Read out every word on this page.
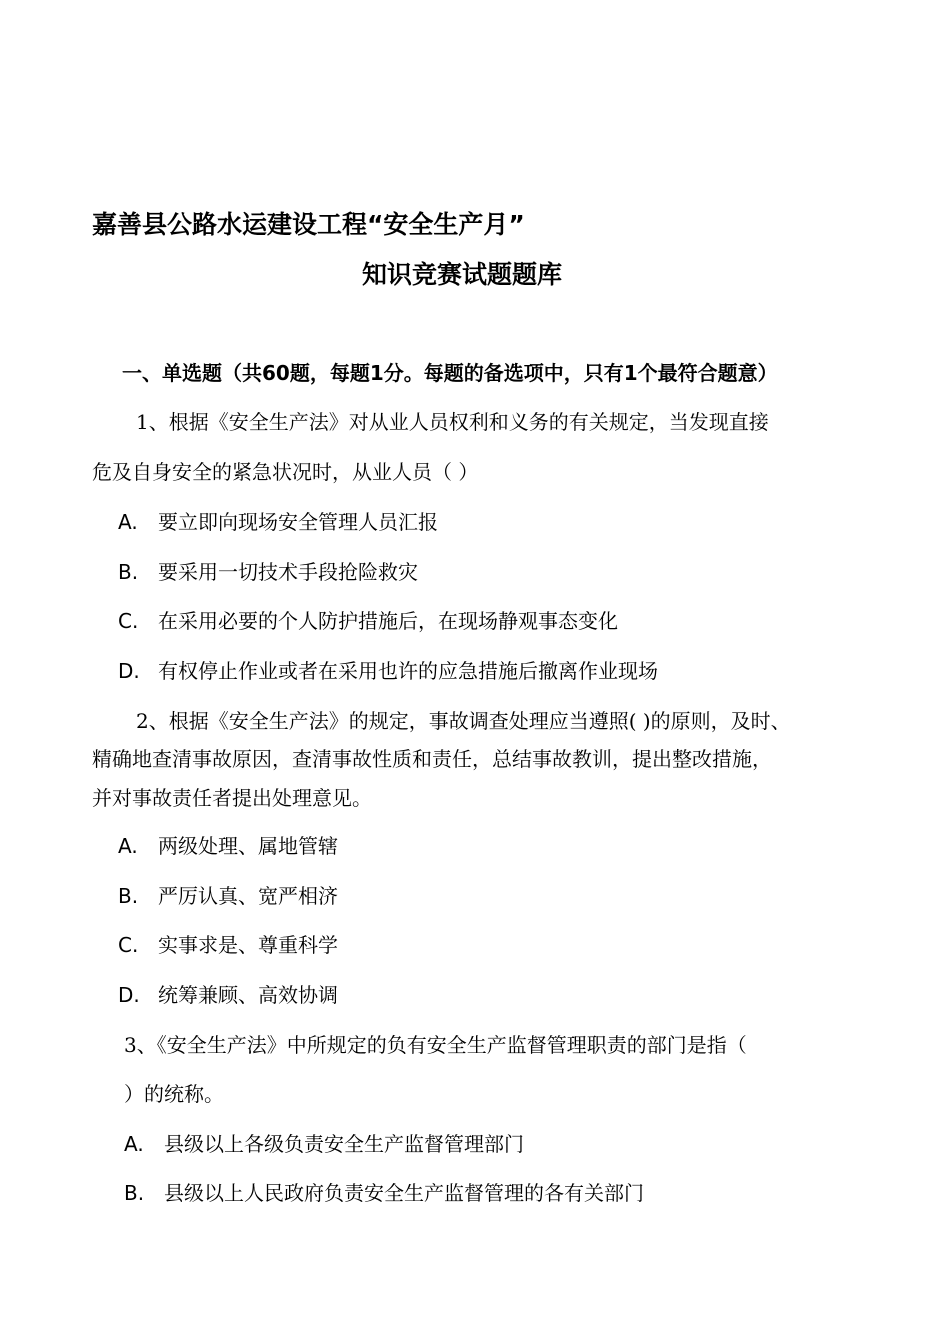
嘉善县公路水运建设工程“安全生产月”
知识竞赛试题题库
一、单选题（共60题，每题1分。每题的备选项中，只有1个最符合题意）
1、根据《安全生产法》对从业人员权利和义务的有关规定，当发现直接
危及自身安全的紧急状况时，从业人员（ ）
A. 要立即向现场安全管理人员汇报
B. 要采用一切技术手段抢险救灾
C. 在采用必要的个人防护措施后，在现场静观事态变化
D. 有权停止作业或者在采用也许的应急措施后撤离作业现场
2、根据《安全生产法》的规定，事故调查处理应当遵照( )的原则，及时、
精确地查清事故原因，查清事故性质和责任，总结事故教训，提出整改措施，
并对事故责任者提出处理意见。
A. 两级处理、属地管辖
B. 严厉认真、宽严相济
C. 实事求是、尊重科学
D. 统筹兼顾、高效协调
3、《安全生产法》中所规定的负有安全生产监督管理职责的部门是指（
）的统称。
A. 县级以上各级负责安全生产监督管理部门
B. 县级以上人民政府负责安全生产监督管理的各有关部门
